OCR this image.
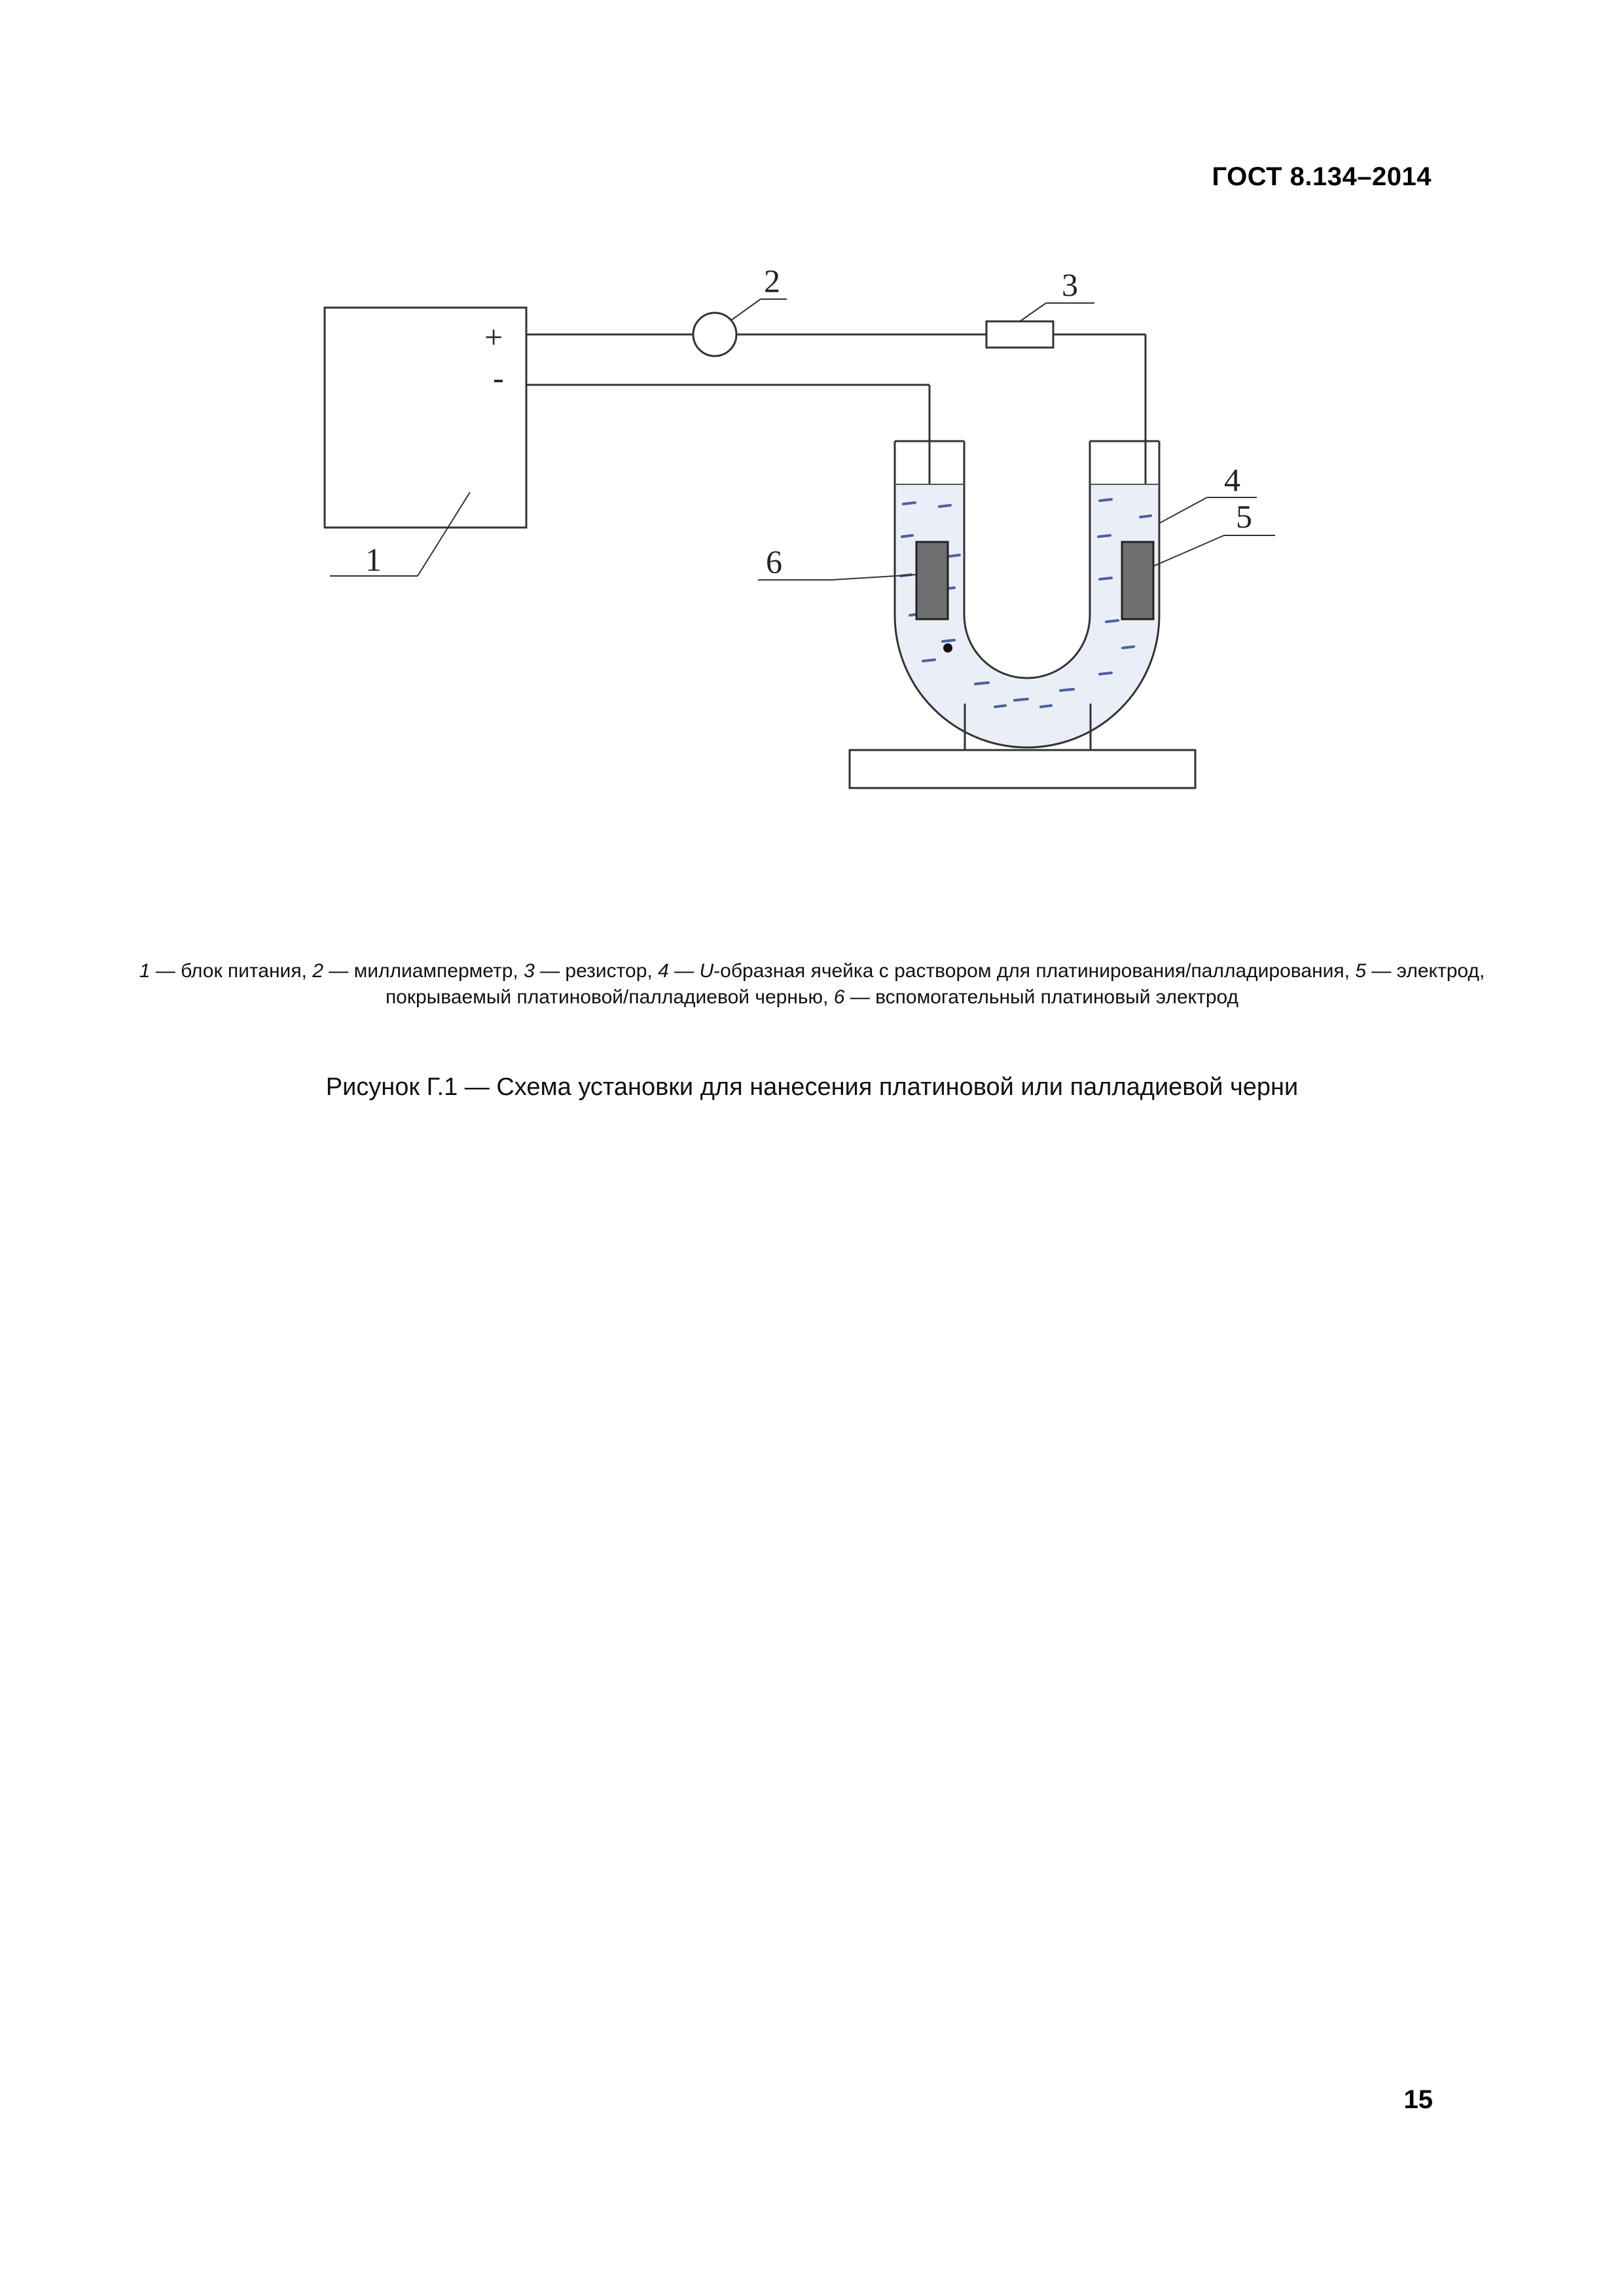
ГОСТ 8.134–2014
+
-
1
2	3
4
5
6
1 — блок питания, 2 — миллиамперметр, 3 — резистор, 4 — U-образная ячейка с раствором для платинирования/палладирования, 5 — электрод, покрываемый платиновой/палладиевой чернью, 6 — вспомогательный платиновый электрод
Рисунок Г.1 — Схема установки для нанесения платиновой или палладиевой черни
15
